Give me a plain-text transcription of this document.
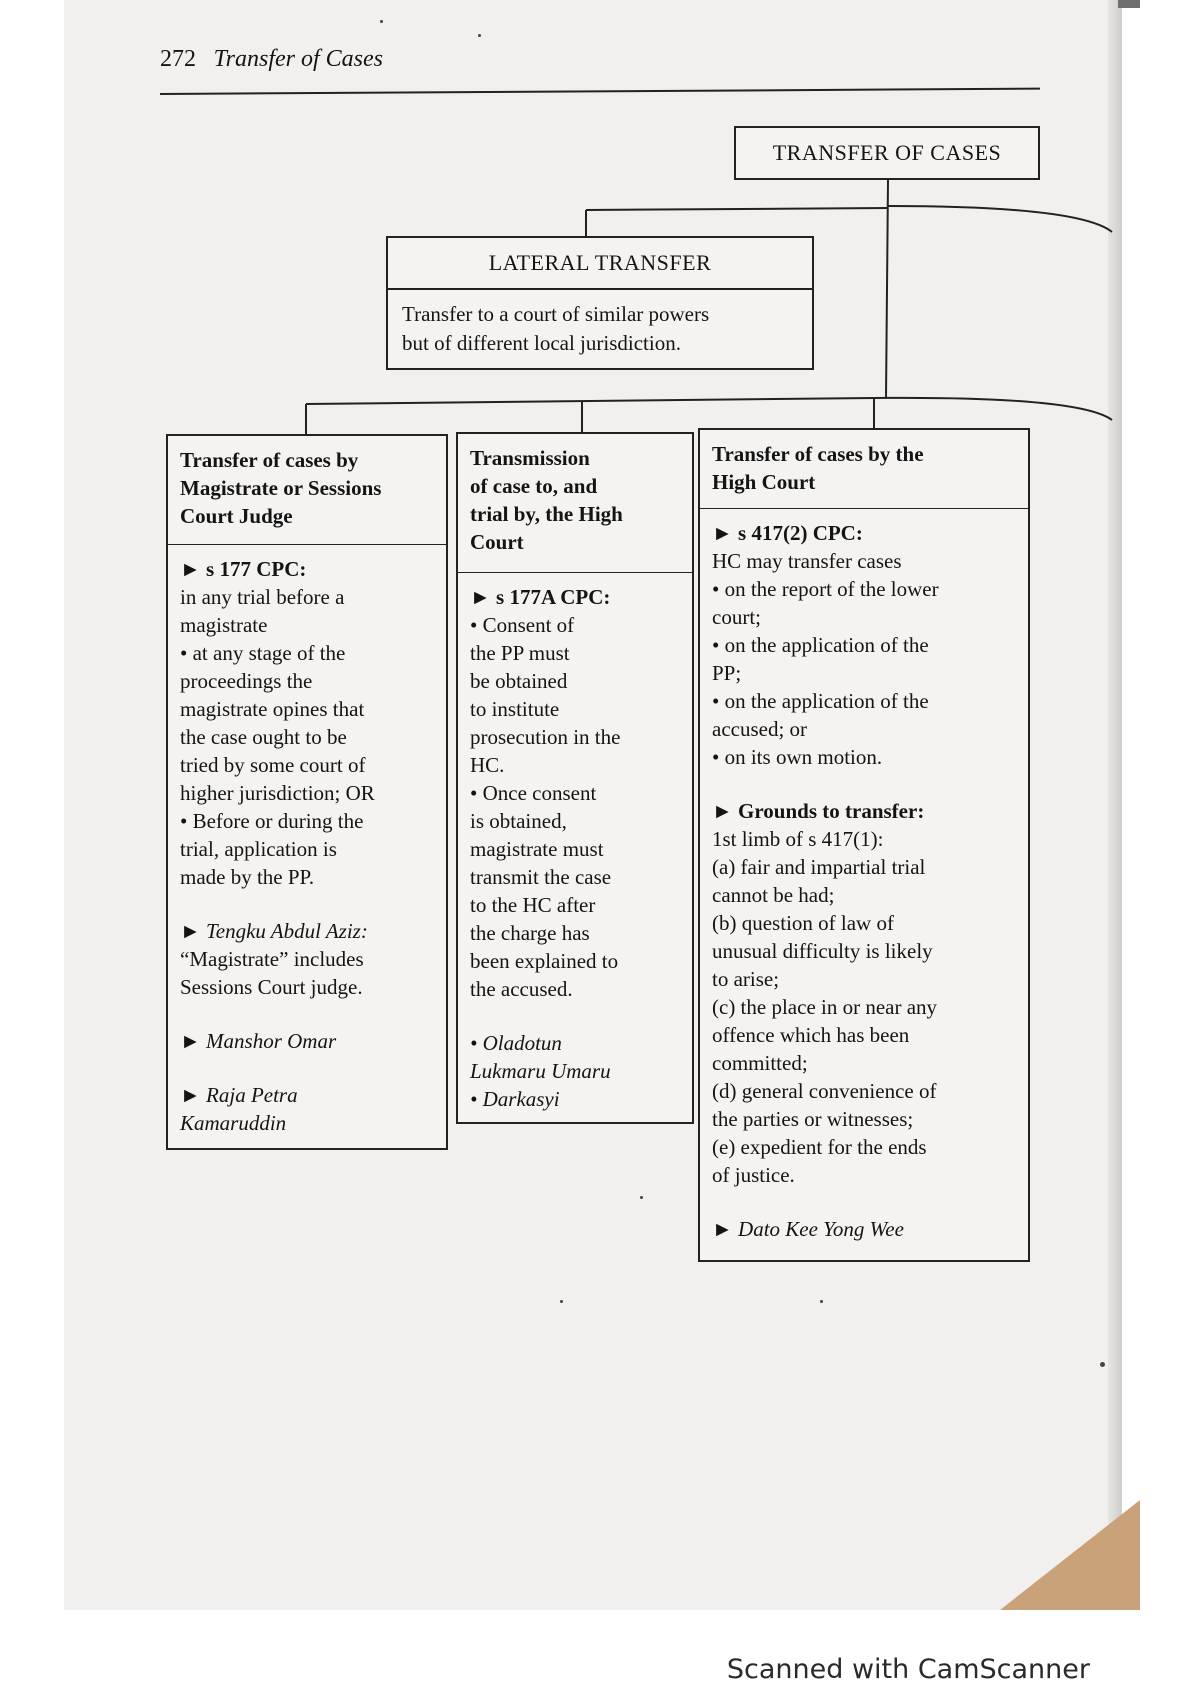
272 Transfer of Cases
TRANSFER OF CASES
LATERAL TRANSFER
Transfer to a court of similar powers
but of different local jurisdiction.
Transfer of cases by
Magistrate or Sessions
Court Judge
► s 177 CPC:
in any trial before a
magistrate
• at any stage of the
proceedings the
magistrate opines that
the case ought to be
tried by some court of
higher jurisdiction; OR
• Before or during the
trial, application is
made by the PP.
► Tengku Abdul Aziz:
“Magistrate” includes
Sessions Court judge.
► Manshor Omar
► Raja Petra
Kamaruddin
Transmission
of case to, and
trial by, the High
Court
► s 177A CPC:
• Consent of
the PP must
be obtained
to institute
prosecution in the
HC.
• Once consent
is obtained,
magistrate must
transmit the case
to the HC after
the charge has
been explained to
the accused.
• Oladotun
Lukmaru Umaru
• Darkasyi
Transfer of cases by the
High Court
► s 417(2) CPC:
HC may transfer cases
• on the report of the lower
court;
• on the application of the
PP;
• on the application of the
accused; or
• on its own motion.
► Grounds to transfer:
1st limb of s 417(1):
(a) fair and impartial trial
cannot be had;
(b) question of law of
unusual difficulty is likely
to arise;
(c) the place in or near any
offence which has been
committed;
(d) general convenience of
the parties or witnesses;
(e) expedient for the ends
of justice.
► Dato Kee Yong Wee
Scanned with CamScanner
